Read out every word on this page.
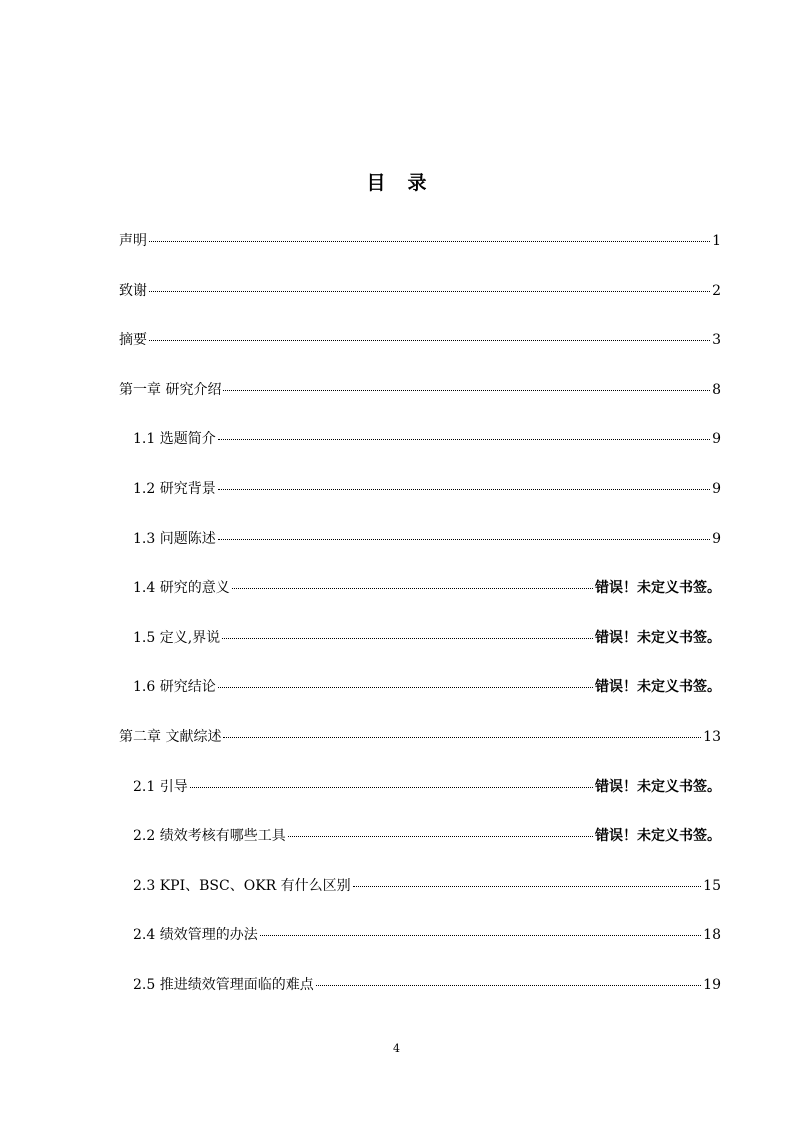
目 录
声明	1
致谢	2
摘要	3
第一章 研究介绍	8
1.1 选题简介	9
1.2 研究背景	9
1.3 问题陈述	9
1.4 研究的意义	错误！未定义书签。
1.5 定义,界说	错误！未定义书签。
1.6 研究结论	错误！未定义书签。
第二章 文献综述	13
2.1 引导	错误！未定义书签。
2.2 绩效考核有哪些工具	错误！未定义书签。
2.3 KPI、BSC、OKR 有什么区别	15
2.4 绩效管理的办法	18
2.5 推进绩效管理面临的难点	19
4
